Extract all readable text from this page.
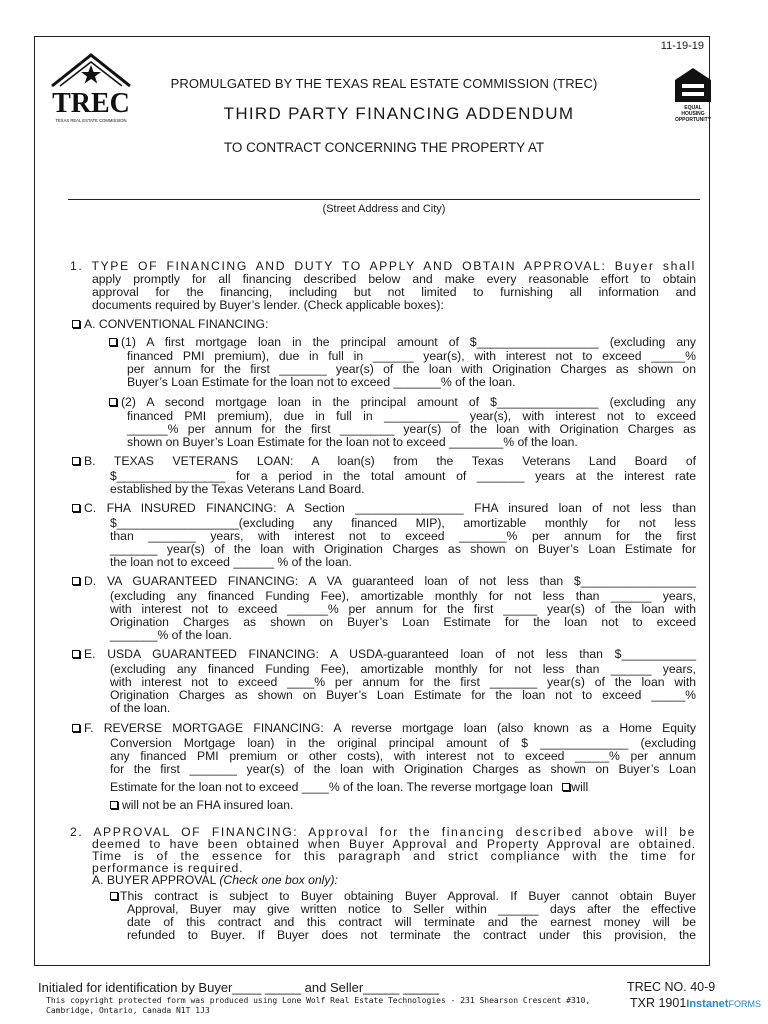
11-19-19
TREC
TEXAS REAL ESTATE COMMISSION
EQUAL
HOUSING
OPPORTUNITY
PROMULGATED BY THE TEXAS REAL ESTATE COMMISSION (TREC)
THIRD PARTY FINANCING ADDENDUM
TO CONTRACT CONCERNING THE PROPERTY AT
(Street Address and City)
1. TYPE OF FINANCING AND DUTY TO APPLY AND OBTAIN APPROVAL: Buyer shall
apply promptly for all financing described below and make every reasonable effort to obtain
approval for the financing, including but not limited to furnishing all information and
documents required by Buyer’s lender. (Check applicable boxes):
A. CONVENTIONAL FINANCING:
(1) A first mortgage loan in the principal amount of $__________________ (excluding any
financed PMI premium), due in full in ______ year(s), with interest not to exceed _____%
per annum for the first _______ year(s) of the loan with Origination Charges as shown on
Buyer’s Loan Estimate for the loan not to exceed _______% of the loan.
(2) A second mortgage loan in the principal amount of $_______________ (excluding any
financed PMI premium), due in full in ___________ year(s), with interest not to exceed
______% per annum for the first ________ year(s) of the loan with Origination Charges as
shown on Buyer’s Loan Estimate for the loan not to exceed ________% of the loan.
B. TEXAS VETERANS LOAN: A loan(s) from the Texas Veterans Land Board of
$________________ for a period in the total amount of _______ years at the interest rate
established by the Texas Veterans Land Board.
C. FHA INSURED FINANCING: A Section ________________ FHA insured loan of not less than
$__________________(excluding any financed MIP), amortizable monthly for not less
than _______ years, with interest not to exceed _______% per annum for the first
_______ year(s) of the loan with Origination Charges as shown on Buyer’s Loan Estimate for
the loan not to exceed ______ % of the loan.
D. VA GUARANTEED FINANCING: A VA guaranteed loan of not less than $_________________
(excluding any financed Funding Fee), amortizable monthly for not less than ______ years,
with interest not to exceed ______% per annum for the first _____ year(s) of the loan with
Origination Charges as shown on Buyer’s Loan Estimate for the loan not to exceed
_______% of the loan.
E. USDA GUARANTEED FINANCING: A USDA-guaranteed loan of not less than $___________
(excluding any financed Funding Fee), amortizable monthly for not less than ______ years,
with interest not to exceed ____% per annum for the first _______ year(s) of the loan with
Origination Charges as shown on Buyer’s Loan Estimate for the loan not to exceed _____%
of the loan.
F. REVERSE MORTGAGE FINANCING: A reverse mortgage loan (also known as a Home Equity
Conversion Mortgage loan) in the original principal amount of $ _____________ (excluding
any financed PMI premium or other costs), with interest not to exceed _____% per annum
for the first _______ year(s) of the loan with Origination Charges as shown on Buyer’s Loan
Estimate for the loan not to exceed ____% of the loan. The reverse mortgage loan will
will not be an FHA insured loan.
2. APPROVAL OF FINANCING: Approval for the financing described above will be
deemed to have been obtained when Buyer Approval and Property Approval are obtained.
Time is of the essence for this paragraph and strict compliance with the time for
performance is required.
A. BUYER APPROVAL (Check one box only):
This contract is subject to Buyer obtaining Buyer Approval. If Buyer cannot obtain Buyer
Approval, Buyer may give written notice to Seller within ______ days after the effective
date of this contract and this contract will terminate and the earnest money will be
refunded to Buyer. If Buyer does not terminate the contract under this provision, the
Initialed for identification by Buyer____ _____ and Seller_____ _____
This copyright protected form was produced using Lone Wolf Real Estate Technologies - 231 Shearson Crescent #310,
Cambridge, Ontario, Canada N1T 1J3
TREC NO. 40-9
TXR 1901InstanetFORMS
